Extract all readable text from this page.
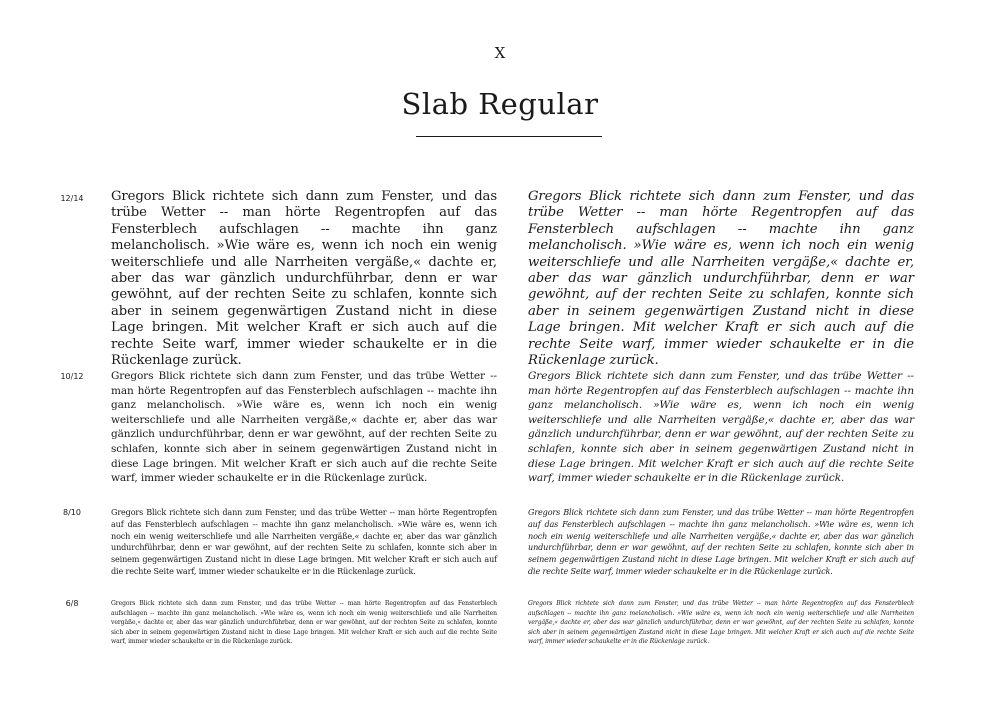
X
Slab Regular
12/14	Gregors Blick richtete sich dann zum Fenster, und das trübe Wetter -- man hörte Regentropfen auf das Fensterblech aufschlagen -- machte ihn ganz melancholisch. »Wie wäre es, wenn ich noch ein wenig weiterschliefe und alle Narrheiten vergäße,« dachte er, aber das war gänzlich undurchführbar, denn er war gewöhnt, auf der rechten Seite zu schlafen, konnte sich aber in seinem gegenwärtigen Zustand nicht in diese Lage bringen. Mit welcher Kraft er sich auch auf die rechte Seite warf, immer wieder schaukelte er in die Rückenlage zurück.

Gregors Blick richtete sich dann zum Fenster, und das trübe Wetter -- man hörte Regentropfen auf das Fensterblech aufschlagen -- machte ihn ganz melancholisch. »Wie wäre es, wenn ich noch ein wenig weiterschliefe und alle Narrheiten vergäße,« dachte er, aber das war gänzlich undurchführbar, denn er war gewöhnt, auf der rechten Seite zu schlafen, konnte sich aber in seinem gegenwärtigen Zustand nicht in diese Lage bringen. Mit welcher Kraft er sich auch auf die rechte Seite warf, immer wieder schaukelte er in die Rückenlage zurück.

10/12	Gregors Blick richtete sich dann zum Fenster, und das trübe Wetter -- man hörte Regentropfen auf das Fensterblech aufschlagen -- machte ihn ganz melancholisch. »Wie wäre es, wenn ich noch ein wenig weiterschliefe und alle Narrheiten vergäße,« dachte er, aber das war gänzlich undurchführbar, denn er war gewöhnt, auf der rechten Seite zu schlafen, konnte sich aber in seinem gegenwärtigen Zustand nicht in diese Lage bringen. Mit welcher Kraft er sich auch auf die rechte Seite warf, immer wieder schaukelte er in die Rückenlage zurück.

Gregors Blick richtete sich dann zum Fenster, und das trübe Wetter -- man hörte Regentropfen auf das Fensterblech aufschlagen -- machte ihn ganz melancholisch. »Wie wäre es, wenn ich noch ein wenig weiterschliefe und alle Narrheiten vergäße,« dachte er, aber das war gänzlich undurchführbar, denn er war gewöhnt, auf der rechten Seite zu schlafen, konnte sich aber in seinem gegenwärtigen Zustand nicht in diese Lage bringen. Mit welcher Kraft er sich auch auf die rechte Seite warf, immer wieder schaukelte er in die Rückenlage zurück.

8/10	Gregors Blick richtete sich dann zum Fenster, und das trübe Wetter -- man hörte Regentropfen auf das Fensterblech aufschlagen -- machte ihn ganz melancholisch. »Wie wäre es, wenn ich noch ein wenig weiterschliefe und alle Narrheiten vergäße,« dachte er, aber das war gänzlich undurchführbar, denn er war gewöhnt, auf der rechten Seite zu schlafen, konnte sich aber in seinem gegenwärtigen Zustand nicht in diese Lage bringen. Mit welcher Kraft er sich auch auf die rechte Seite warf, immer wieder schaukelte er in die Rückenlage zurück.

Gregors Blick richtete sich dann zum Fenster, und das trübe Wetter -- man hörte Regentropfen auf das Fensterblech aufschlagen -- machte ihn ganz melancholisch. »Wie wäre es, wenn ich noch ein wenig weiterschliefe und alle Narrheiten vergäße,« dachte er, aber das war gänzlich undurchführbar, denn er war gewöhnt, auf der rechten Seite zu schlafen, konnte sich aber in seinem gegenwärtigen Zustand nicht in diese Lage bringen. Mit welcher Kraft er sich auch auf die rechte Seite warf, immer wieder schaukelte er in die Rückenlage zurück.

6/8	Gregors Blick richtete sich dann zum Fenster, und das trübe Wetter -- man hörte Regentropfen auf das Fensterblech aufschlagen -- machte ihn ganz melancholisch. »Wie wäre es, wenn ich noch ein wenig weiterschliefe und alle Narrheiten vergäße,« dachte er, aber das war gänzlich undurchführbar, denn er war gewöhnt, auf der rechten Seite zu schlafen, konnte sich aber in seinem gegenwärtigen Zustand nicht in diese Lage bringen. Mit welcher Kraft er sich auch auf die rechte Seite warf, immer wieder schaukelte er in die Rückenlage zurück.

Gregors Blick richtete sich dann zum Fenster, und das trübe Wetter -- man hörte Regentropfen auf das Fensterblech aufschlagen -- machte ihn ganz melancholisch. »Wie wäre es, wenn ich noch ein wenig weiterschliefe und alle Narrheiten vergäße,« dachte er, aber das war gänzlich undurchführbar, denn er war gewöhnt, auf der rechten Seite zu schlafen, konnte sich aber in seinem gegenwärtigen Zustand nicht in diese Lage bringen. Mit welcher Kraft er sich auch auf die rechte Seite warf, immer wieder schaukelte er in die Rückenlage zurück.
